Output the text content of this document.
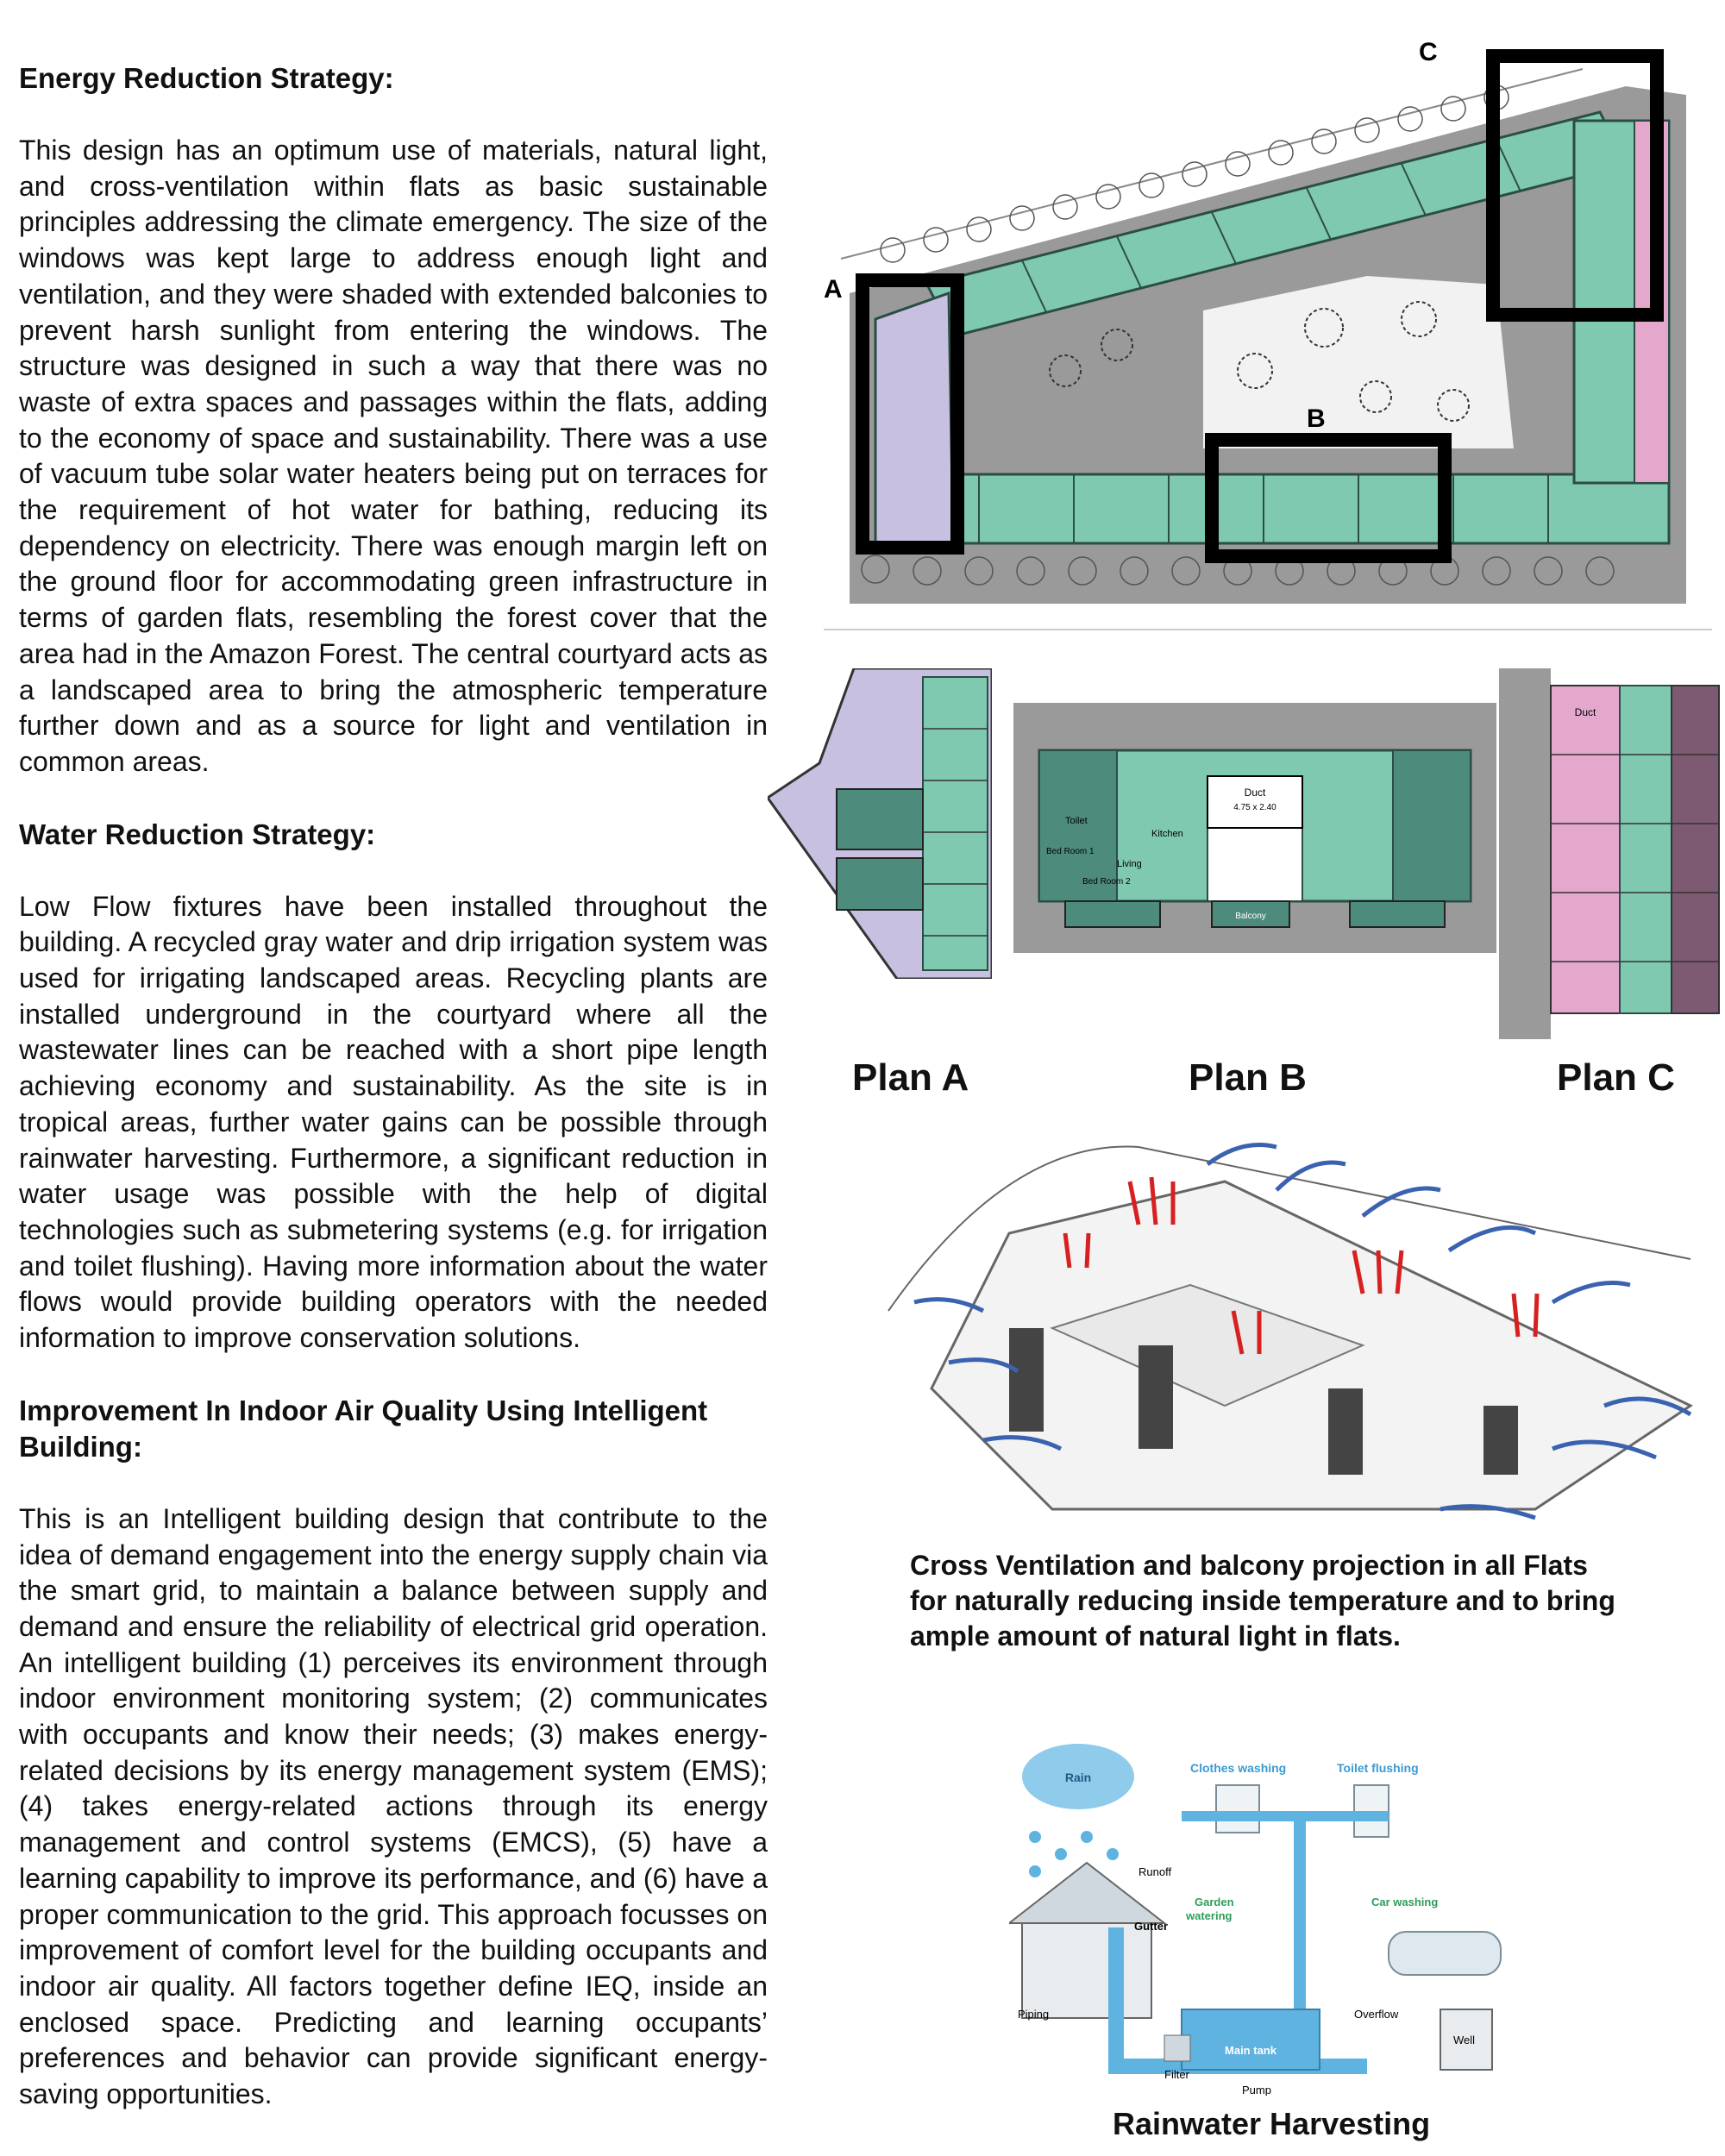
Energy Reduction Strategy:

This design has an optimum use of materials, natural light, and cross-ventilation within flats as basic sustainable principles addressing the climate emergency. The size of the windows was kept large to address enough light and ventilation, and they were shaded with extended balconies to prevent harsh sunlight from entering the windows. The structure was designed in such a way that there was no waste of extra spaces and passages within the flats, adding to the economy of space and sustainability. There was a use of vacuum tube solar water heaters being put on terraces for the requirement of hot water for bathing, reducing its dependency on electricity. There was enough margin left on the ground floor for accommodating green infrastructure in terms of garden flats, resembling the forest cover that the area had in the Amazon Forest. The central courtyard acts as a landscaped area to bring the atmospheric temperature further down and as a source for light and ventilation in common areas.

Water Reduction Strategy:

Low Flow fixtures have been installed throughout the building. A recycled gray water and drip irrigation system was used for irrigating landscaped areas. Recycling plants are installed underground in the courtyard where all the wastewater lines can be reached with a short pipe length achieving economy and sustainability. As the site is in tropical areas, further water gains can be possible through rainwater harvesting. Furthermore, a significant reduction in water usage was possible with the help of digital technologies such as submetering systems (e.g. for irrigation and toilet flushing). Having more information about the water flows would provide building operators with the needed information to improve conservation solutions.

Improvement In Indoor Air Quality Using Intelligent Building:

This is an Intelligent building design that contribute to the idea of demand engagement into the energy supply chain via the smart grid, to maintain a balance between supply and demand and ensure the reliability of electrical grid operation. An intelligent building (1) perceives its environment through indoor environment monitoring system; (2) communicates with occupants and know their needs; (3) makes energy-related decisions by its energy management system (EMS); (4) takes energy-related actions through its energy management and control systems (EMCS), (5) have a learning capability to improve its performance, and (6) have a proper communication to the grid. This approach focusses on improvement of comfort level for the building occupants and indoor air quality. All factors together define IEQ, inside an enclosed space. Predicting and learning occupants’ preferences and behavior can provide significant energy-saving opportunities.

A
B
C
Duct
4.75 x 2.40
Kitchen
Living
Toilet
Bed Room 1
Bed Room 2
Balcony
Duct
Plan A	Plan B	Plan C
Cross Ventilation and balcony projection in all Flats for naturally reducing inside temperature and to bring ample amount of natural light in flats.
Rain
Clothes washing	Toilet flushing
Runoff
Gutter
Garden
watering
Car washing
Main tank
Pump
Filter
Piping	Overflow
Well
Rainwater Harvesting
